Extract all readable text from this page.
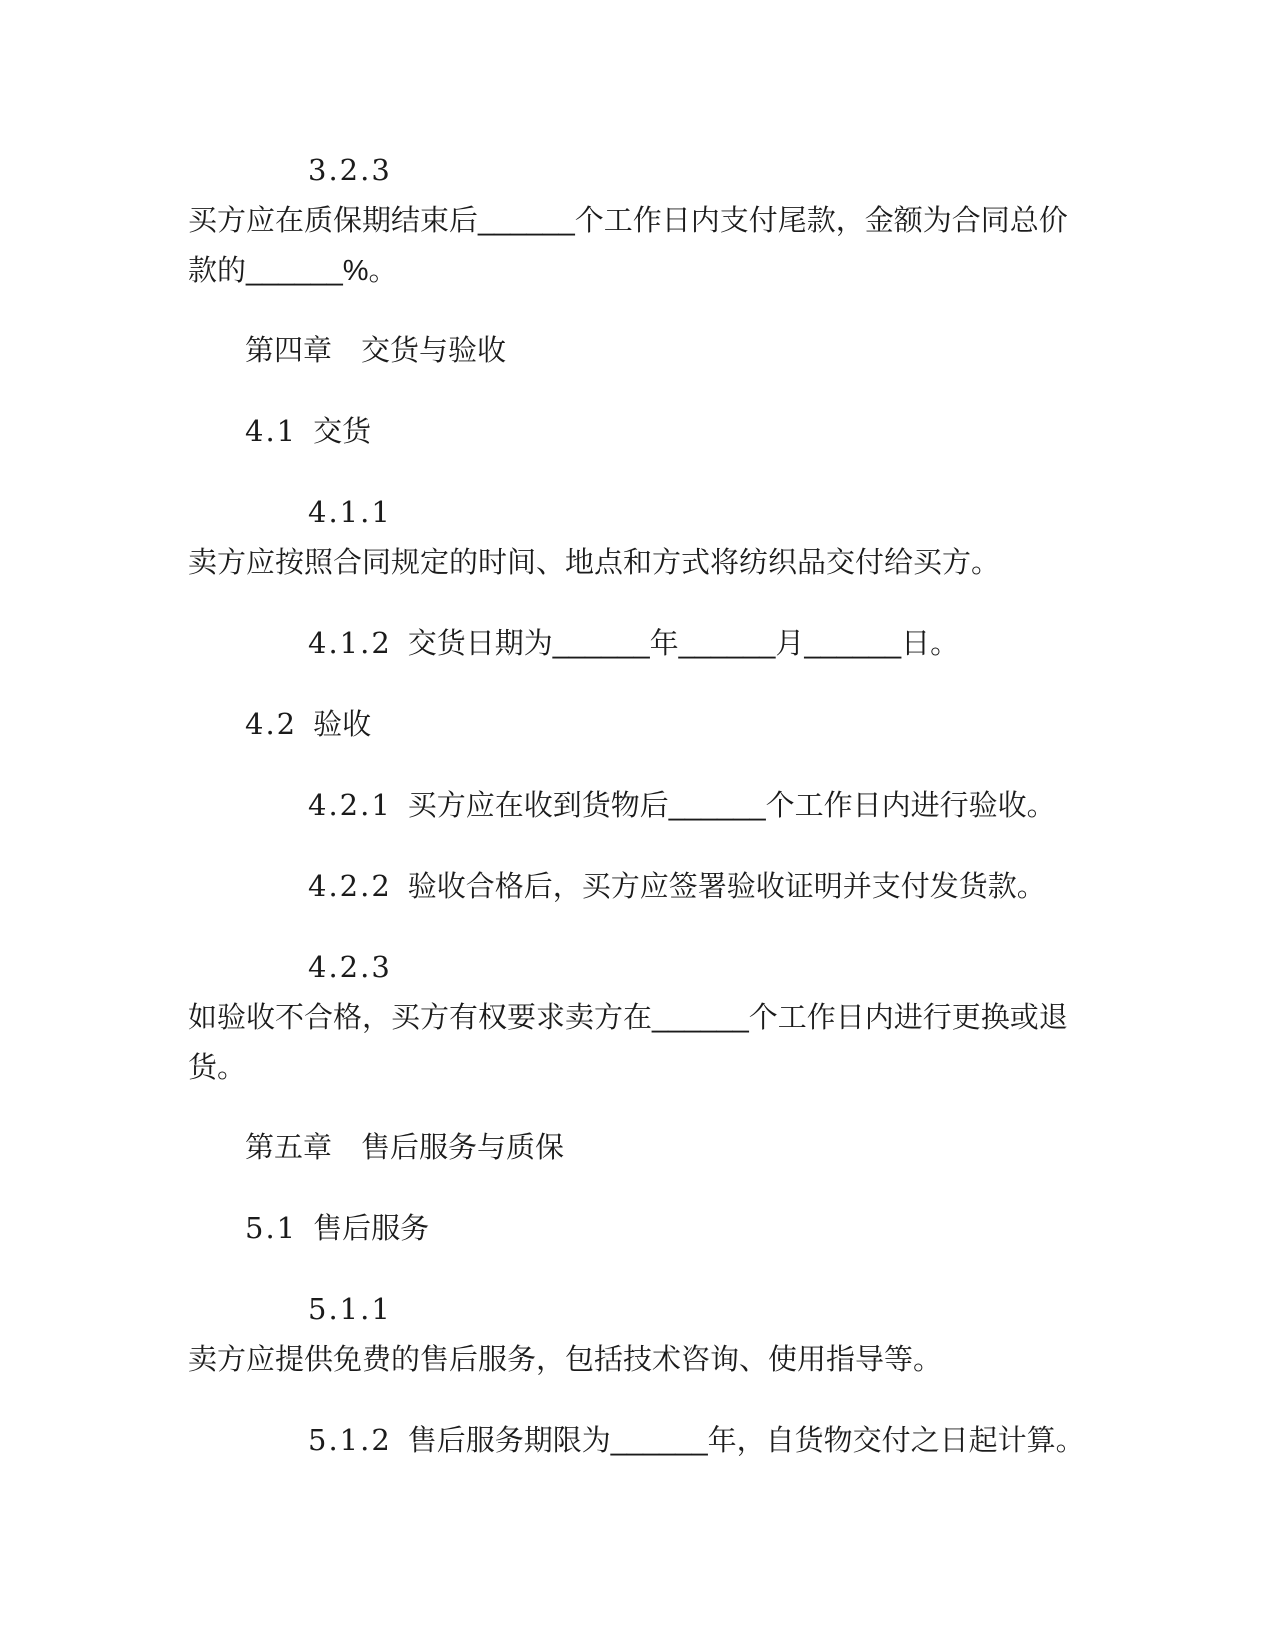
3.2.3

买方应在质保期结束后______个工作日内支付尾款，金额为合同总价

款的______%。

第四章　交货与验收

4.1 交货

4.1.1

卖方应按照合同规定的时间、地点和方式将纺织品交付给买方。

4.1.2 交货日期为______年______月______日。

4.2 验收

4.2.1 买方应在收到货物后______个工作日内进行验收。

4.2.2 验收合格后，买方应签署验收证明并支付发货款。

4.2.3

如验收不合格，买方有权要求卖方在______个工作日内进行更换或退

货。

第五章　售后服务与质保

5.1 售后服务

5.1.1

卖方应提供免费的售后服务，包括技术咨询、使用指导等。

5.1.2 售后服务期限为______年，自货物交付之日起计算。
